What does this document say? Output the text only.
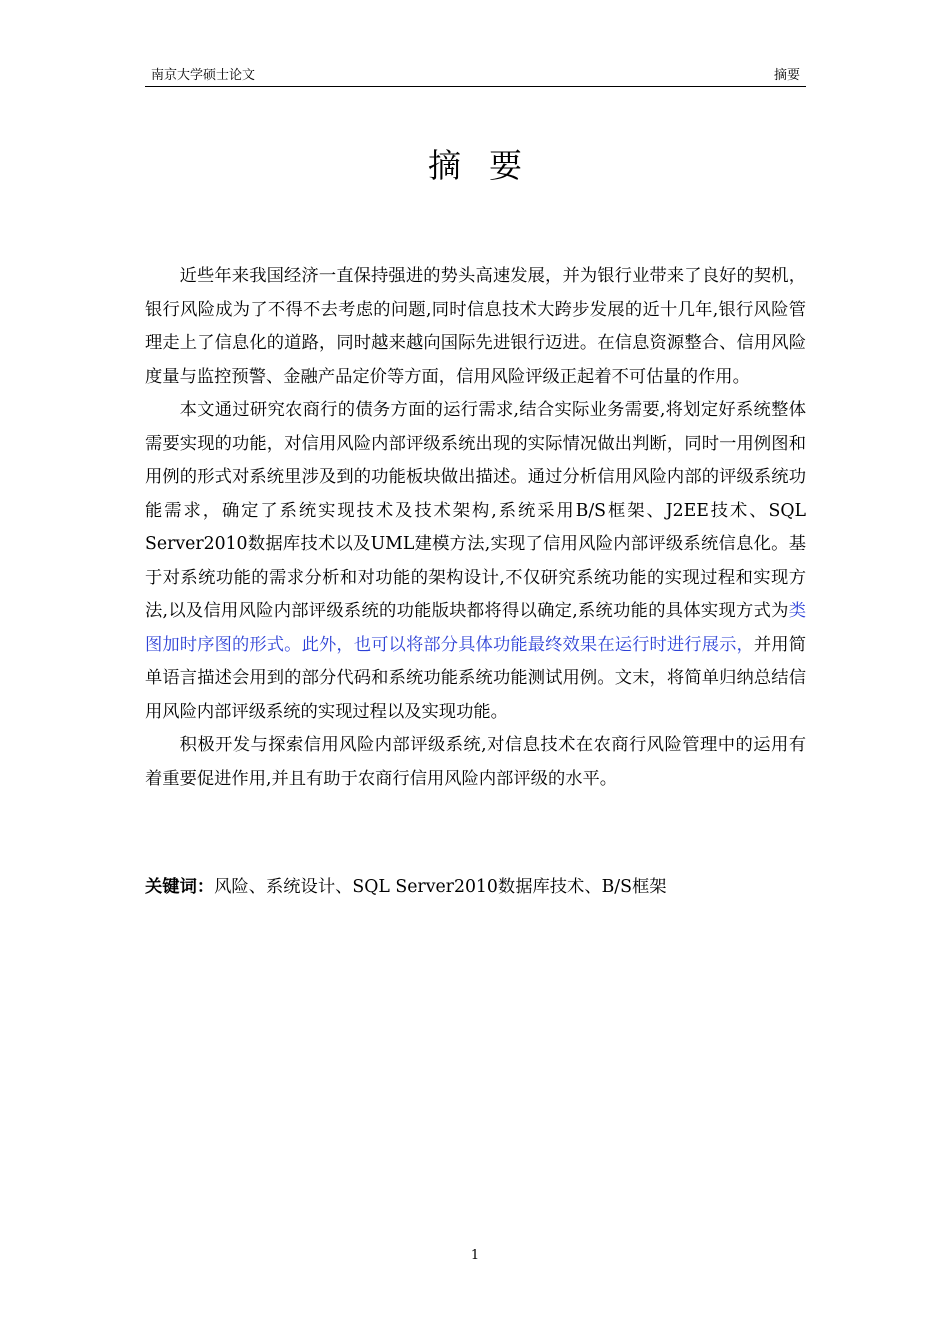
南京大学硕士论文	摘要
摘要

近些年来我国经济一直保持强进的势头高速发展，并为银行业带来了良好的契机，银行风险成为了不得不去考虑的问题,同时信息技术大跨步发展的近十几年,银行风险管理走上了信息化的道路，同时越来越向国际先进银行迈进。在信息资源整合、信用风险度量与监控预警、金融产品定价等方面，信用风险评级正起着不可估量的作用。

本文通过研究农商行的债务方面的运行需求,结合实际业务需要,将划定好系统整体需要实现的功能，对信用风险内部评级系统出现的实际情况做出判断，同时一用例图和用例的形式对系统里涉及到的功能板块做出描述。通过分析信用风险内部的评级系统功能需求，确定了系统实现技术及技术架构,系统采用B/S框架、J2EE技术、SQL Server2010数据库技术以及UML建模方法,实现了信用风险内部评级系统信息化。基于对系统功能的需求分析和对功能的架构设计,不仅研究系统功能的实现过程和实现方法,以及信用风险内部评级系统的功能版块都将得以确定,系统功能的具体实现方式为类图加时序图的形式。此外，也可以将部分具体功能最终效果在运行时进行展示，并用简单语言描述会用到的部分代码和系统功能系统功能测试用例。文末，将简单归纳总结信用风险内部评级系统的实现过程以及实现功能。

积极开发与探索信用风险内部评级系统,对信息技术在农商行风险管理中的运用有着重要促进作用,并且有助于农商行信用风险内部评级的水平。

关键词：风险、系统设计、SQL Server2010数据库技术、B/S框架
1
